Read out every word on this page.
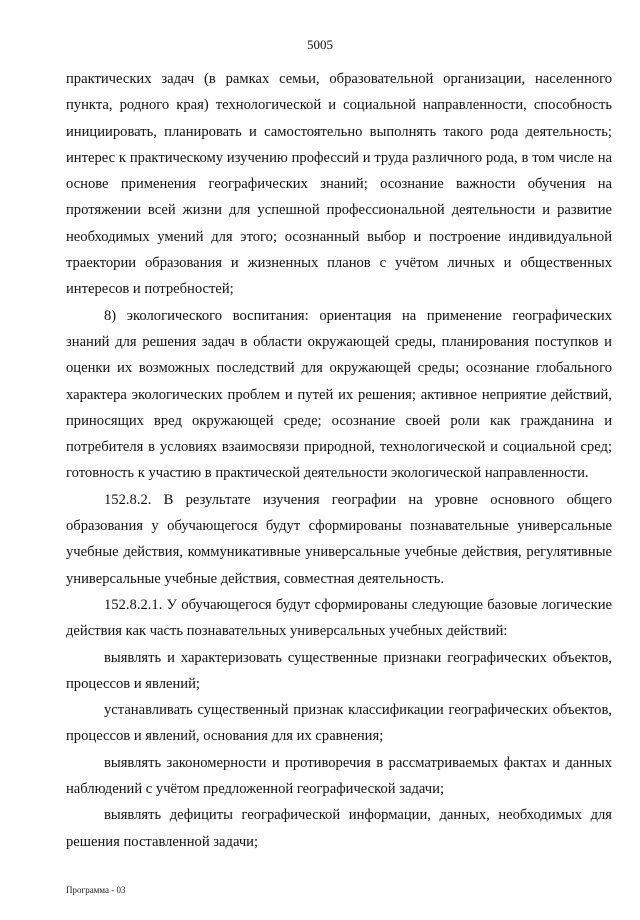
5005

практических задач (в рамках семьи, образовательной организации, населенного пункта, родного края) технологической и социальной направленности, способность инициировать, планировать и самостоятельно выполнять такого рода деятельность; интерес к практическому изучению профессий и труда различного рода, в том числе на основе применения географических знаний; осознание важности обучения на протяжении всей жизни для успешной профессиональной деятельности и развитие необходимых умений для этого; осознанный выбор и построение индивидуальной траектории образования и жизненных планов с учётом личных и общественных интересов и потребностей;

8) экологического воспитания: ориентация на применение географических знаний для решения задач в области окружающей среды, планирования поступков и оценки их возможных последствий для окружающей среды; осознание глобального характера экологических проблем и путей их решения; активное неприятие действий, приносящих вред окружающей среде; осознание своей роли как гражданина и потребителя в условиях взаимосвязи природной, технологической и социальной сред; готовность к участию в практической деятельности экологической направленности.

152.8.2. В результате изучения географии на уровне основного общего образования у обучающегося будут сформированы познавательные универсальные учебные действия, коммуникативные универсальные учебные действия, регулятивные универсальные учебные действия, совместная деятельность.

152.8.2.1. У обучающегося будут сформированы следующие базовые логические действия как часть познавательных универсальных учебных действий:

выявлять и характеризовать существенные признаки географических объектов, процессов и явлений;

устанавливать существенный признак классификации географических объектов, процессов и явлений, основания для их сравнения;

выявлять закономерности и противоречия в рассматриваемых фактах и данных наблюдений с учётом предложенной географической задачи;

выявлять дефициты географической информации, данных, необходимых для решения поставленной задачи;

Программа - 03
